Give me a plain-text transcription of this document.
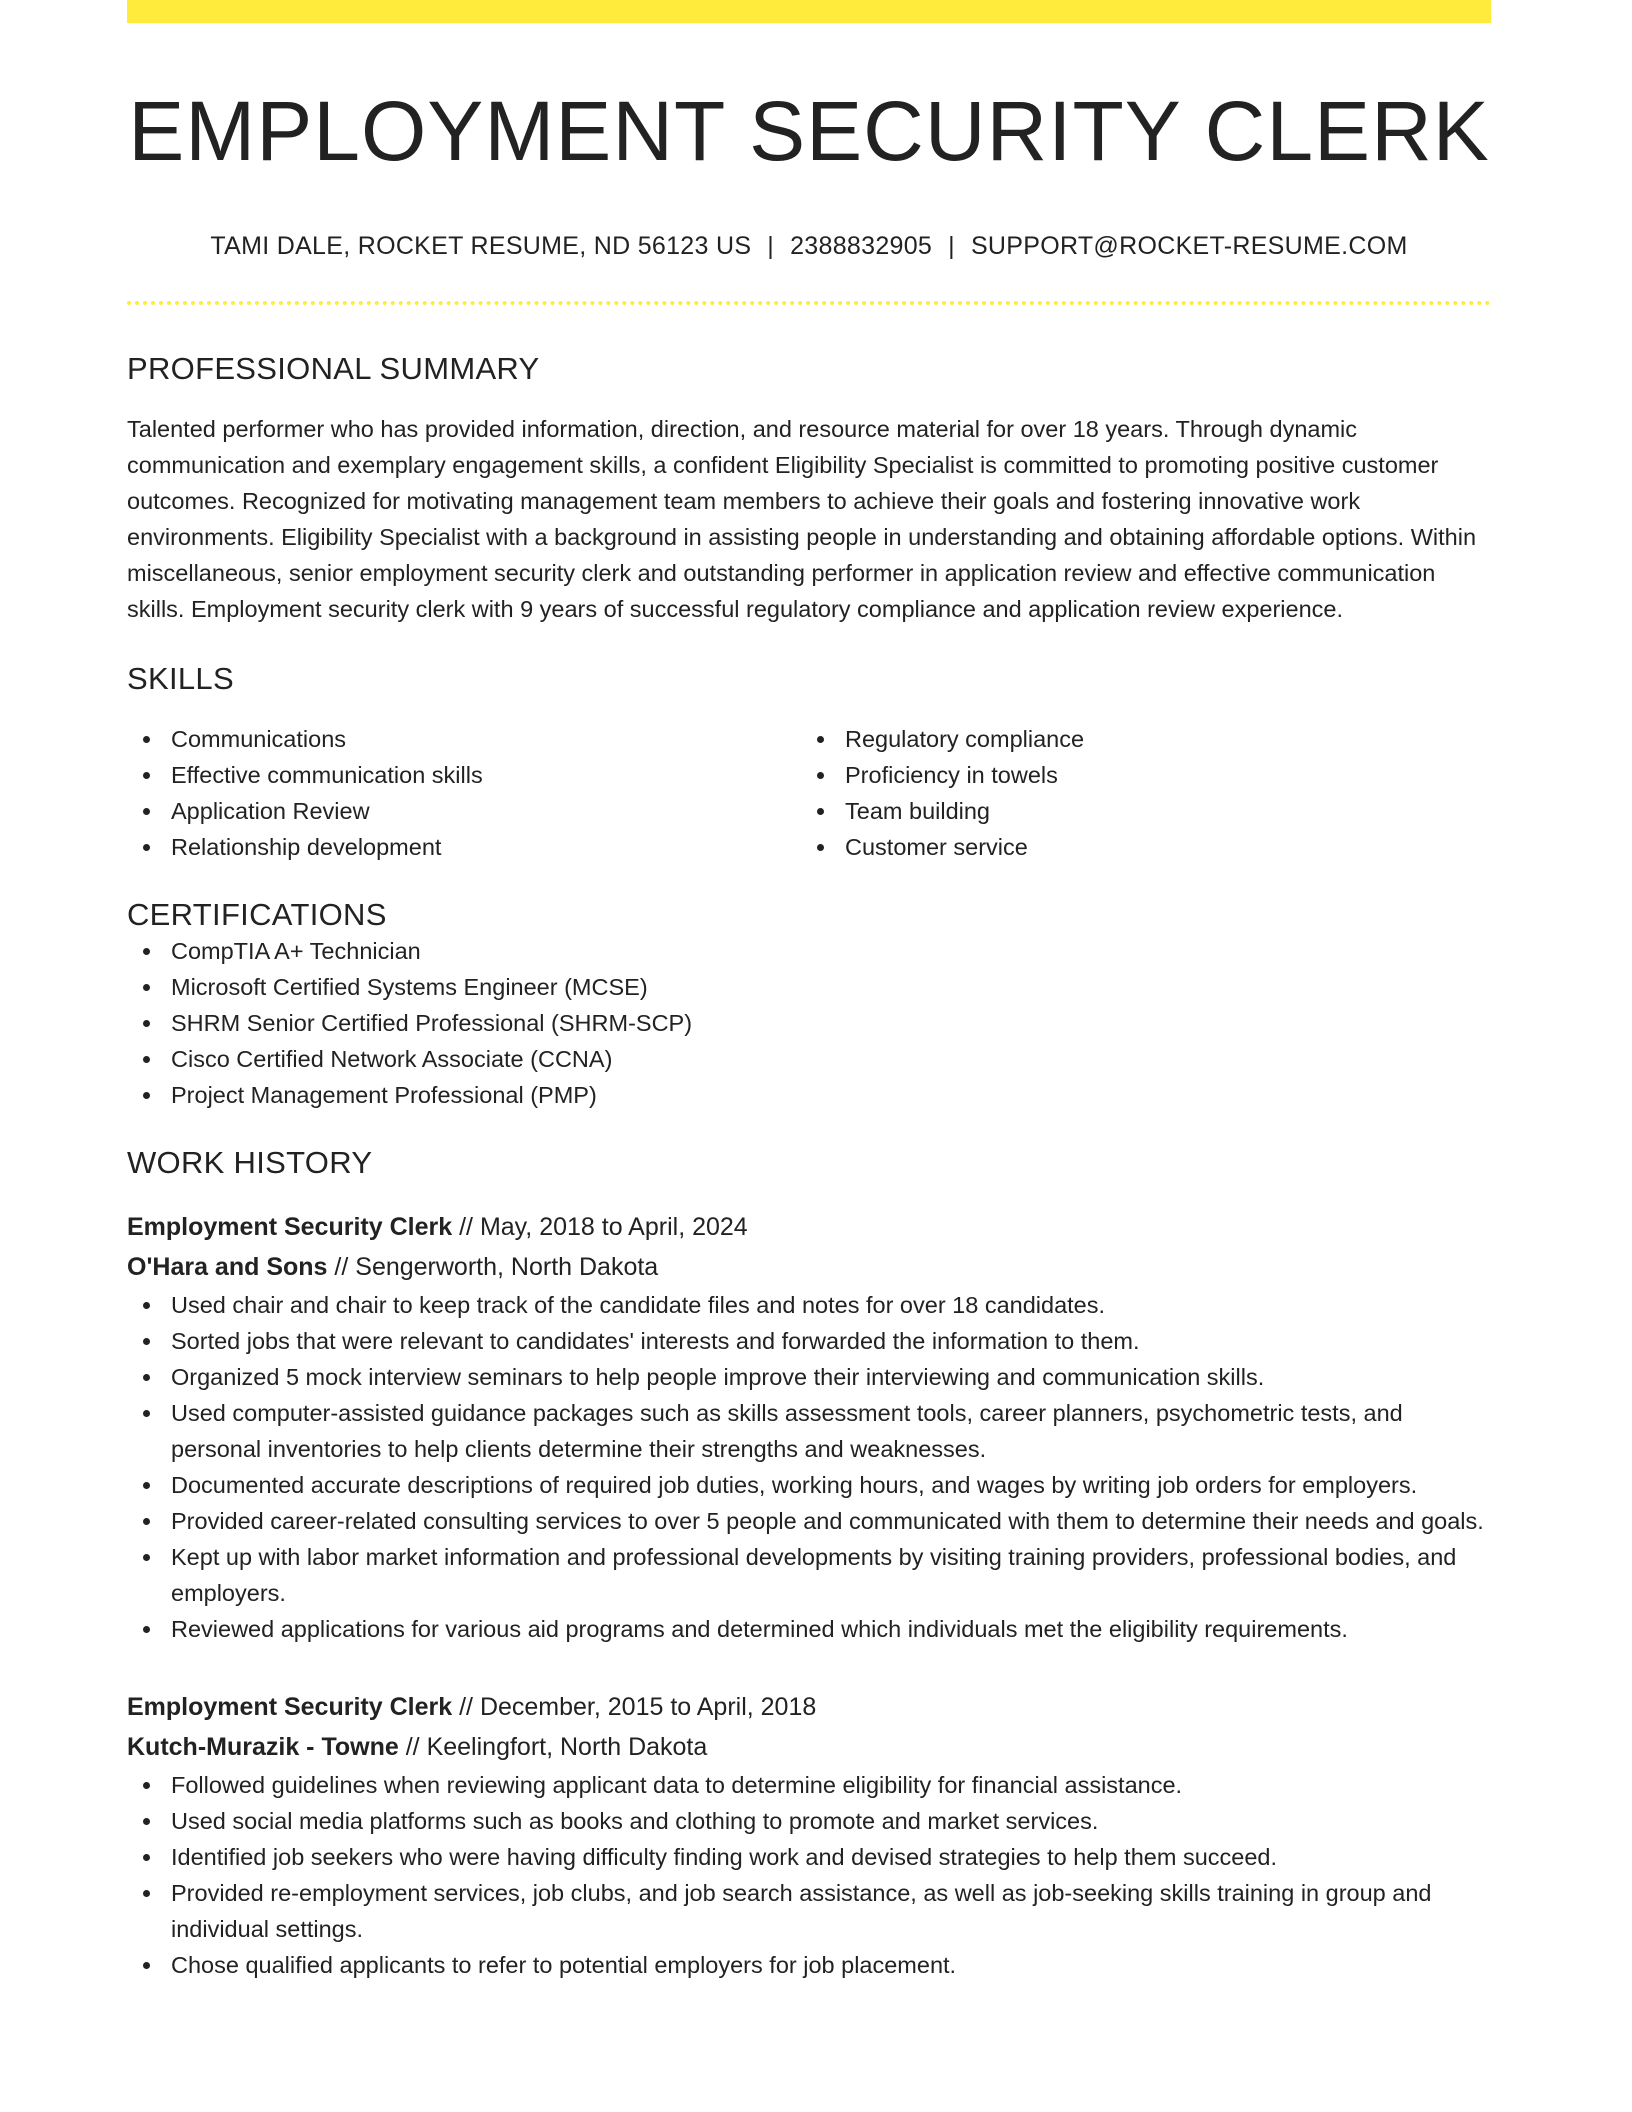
EMPLOYMENT SECURITY CLERK
TAMI DALE, ROCKET RESUME, ND 56123 US | 2388832905 | SUPPORT@ROCKET-RESUME.COM
PROFESSIONAL SUMMARY

Talented performer who has provided information, direction, and resource material for over 18 years. Through dynamic communication and exemplary engagement skills, a confident Eligibility Specialist is committed to promoting positive customer outcomes. Recognized for motivating management team members to achieve their goals and fostering innovative work environments. Eligibility Specialist with a background in assisting people in understanding and obtaining affordable options. Within miscellaneous, senior employment security clerk and outstanding performer in application review and effective communication skills. Employment security clerk with 9 years of successful regulatory compliance and application review experience.

SKILLS
Communications
Effective communication skills
Application Review
Relationship development
Regulatory compliance
Proficiency in towels
Team building
Customer service
CERTIFICATIONS
CompTIA A+ Technician
Microsoft Certified Systems Engineer (MCSE)
SHRM Senior Certified Professional (SHRM-SCP)
Cisco Certified Network Associate (CCNA)
Project Management Professional (PMP)
WORK HISTORY
Employment Security Clerk // May, 2018 to April, 2024
O'Hara and Sons // Sengerworth, North Dakota
Used chair and chair to keep track of the candidate files and notes for over 18 candidates.
Sorted jobs that were relevant to candidates' interests and forwarded the information to them.
Organized 5 mock interview seminars to help people improve their interviewing and communication skills.
Used computer-assisted guidance packages such as skills assessment tools, career planners, psychometric tests, and personal inventories to help clients determine their strengths and weaknesses.
Documented accurate descriptions of required job duties, working hours, and wages by writing job orders for employers.
Provided career-related consulting services to over 5 people and communicated with them to determine their needs and goals.
Kept up with labor market information and professional developments by visiting training providers, professional bodies, and employers.
Reviewed applications for various aid programs and determined which individuals met the eligibility requirements.
Employment Security Clerk // December, 2015 to April, 2018
Kutch-Murazik - Towne // Keelingfort, North Dakota
Followed guidelines when reviewing applicant data to determine eligibility for financial assistance.
Used social media platforms such as books and clothing to promote and market services.
Identified job seekers who were having difficulty finding work and devised strategies to help them succeed.
Provided re-employment services, job clubs, and job search assistance, as well as job-seeking skills training in group and individual settings.
Chose qualified applicants to refer to potential employers for job placement.
